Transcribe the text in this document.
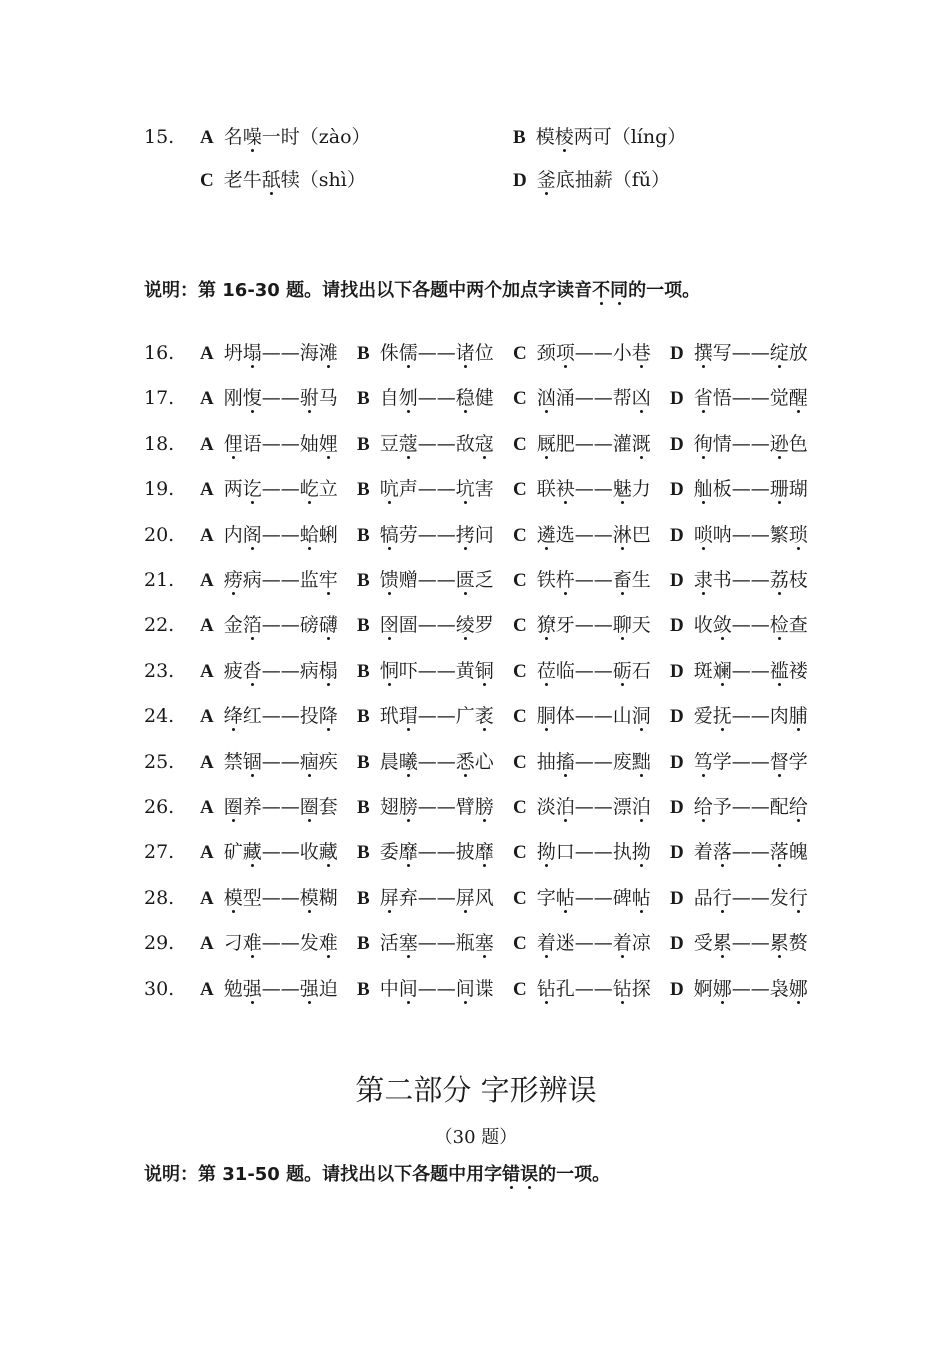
15. A 名噪一时（zào）	B 模棱两可（líng）
C 老牛舐犊（shì）	D 釜底抽薪（fǔ）
说明：第 16-30 题。请找出以下各题中两个加点字读音不同的一项。
16. A 坍塌——海滩 B 侏儒——诸位 C 颈项——小巷 D 撰写——绽放
17. A 刚愎——驸马 B 自刎——稳健 C 汹涌——帮凶 D 省悟——觉醒
18. A 俚语——妯娌 B 豆蔻——敌寇 C 厩肥——灌溉 D 徇情——逊色
19. A 两讫——屹立 B 吭声——坑害 C 联袂——魅力 D 舢板——珊瑚
20. A 内阁——蛤蜊 B 犒劳——拷问 C 遴选——淋巴 D 唢呐——繁琐
21. A 痨病——监牢 B 馈赠——匮乏 C 铁杵——畜生 D 隶书——荔枝
22. A 金箔——磅礴 B 囹圄——绫罗 C 獠牙——聊天 D 收敛——检查
23. A 疲沓——病榻 B 恫吓——黄铜 C 莅临——砺石 D 斑斓——褴褛
24. A 绛红——投降 B 玳瑁——广袤 C 胴体——山洞 D 爱抚——肉脯
25. A 禁锢——痼疾 B 晨曦——悉心 C 抽搐——废黜 D 笃学——督学
26. A 圈养——圈套 B 翅膀——臂膀 C 淡泊——漂泊 D 给予——配给
27. A 矿藏——收藏 B 委靡——披靡 C 拗口——执拗 D 着落——落魄
28. A 模型——模糊 B 屏弃——屏风 C 字帖——碑帖 D 品行——发行
29. A 刁难——发难 B 活塞——瓶塞 C 着迷——着凉 D 受累——累赘
30. A 勉强——强迫 B 中间——间谍 C 钻孔——钻探 D 婀娜——袅娜
第二部分 字形辨误
（30 题）
说明：第 31-50 题。请找出以下各题中用字错误的一项。
